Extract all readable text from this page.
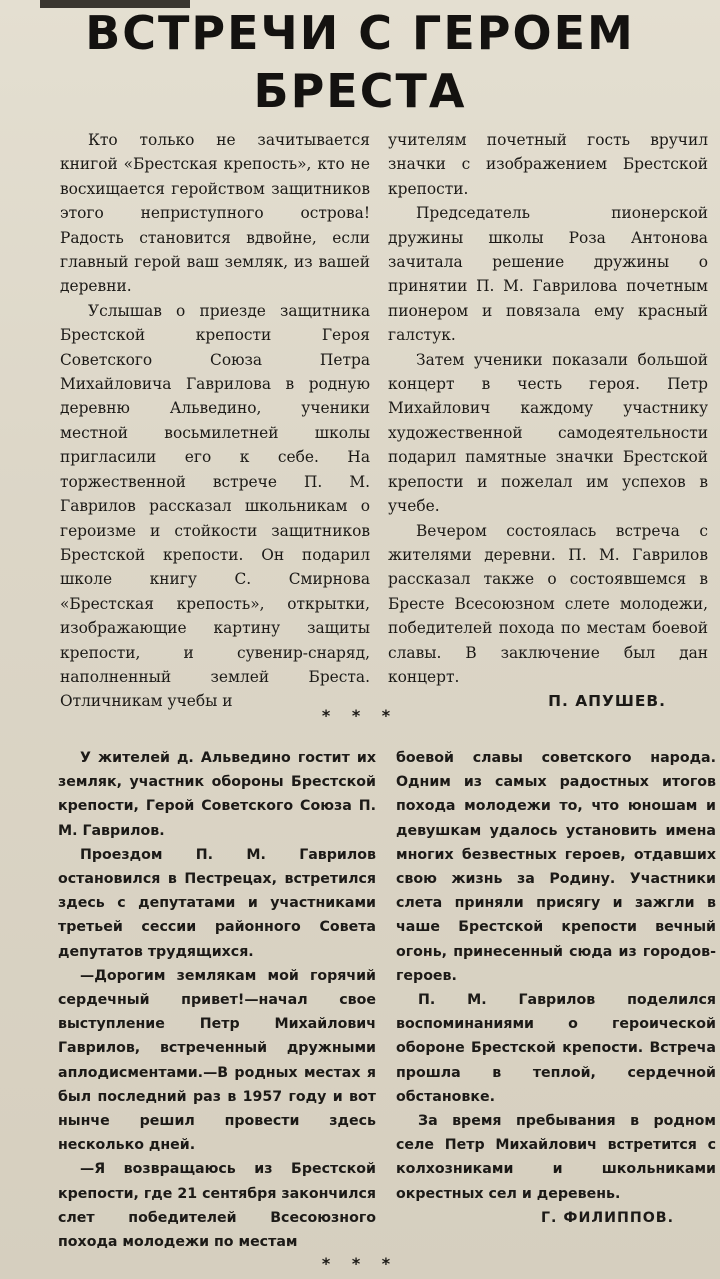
ВСТРЕЧИ С ГЕРОЕМ
БРЕСТА

Кто только не зачитывается книгой «Брестская крепость», кто не восхищается геройством защитников этого неприступного острова! Радость становится вдвойне, если главный герой ваш земляк, из вашей деревни.

Услышав о приезде защитника Брестской крепости Героя Советского Союза Петра Михайловича Гаврилова в родную деревню Альведино, ученики местной восьмилетней школы пригласили его к себе. На торжественной встрече П. М. Гаврилов рассказал школьникам о героизме и стойкости защитников Брестской крепости. Он подарил школе книгу С. Смирнова «Брестская крепость», открытки, изображающие картину защиты крепости, и сувенир-снаряд, наполненный землей Бреста. Отличникам учебы и

учителям почетный гость вручил значки с изображением Брестской крепости.

Председатель пионерской дружины школы Роза Антонова зачитала решение дружины о принятии П. М. Гаврилова почетным пионером и повязала ему красный галстук.

Затем ученики показали большой концерт в честь героя. Петр Михайлович каждому участнику художественной самодеятельности подарил памятные значки Брестской крепости и пожелал им успехов в учебе.

Вечером состоялась встреча с жителями деревни. П. М. Гаврилов рассказал также о состоявшемся в Бресте Всесоюзном слете молодежи, победителей похода по местам боевой славы. В заключение был дан концерт.

П. АПУШЕВ.

* * *

У жителей д. Альведино гостит их земляк, участник обороны Брестской крепости, Герой Советского Союза П. М. Гаврилов.

Проездом П. М. Гаврилов остановился в Пестрецах, встретился здесь с депутатами и участниками третьей сессии районного Совета депутатов трудящихся.

—Дорогим землякам мой горячий сердечный привет!—начал свое выступление Петр Михайлович Гаврилов, встреченный дружными аплодисментами.—В родных местах я был последний раз в 1957 году и вот нынче решил провести здесь несколько дней.

—Я возвращаюсь из Брестской крепости, где 21 сентября закончился слет победителей Всесоюзного похода молодежи по местам

боевой славы советского народа. Одним из самых радостных итогов похода молодежи то, что юношам и девушкам удалось установить имена многих безвестных героев, отдавших свою жизнь за Родину. Участники слета приняли присягу и зажгли в чаше Брестской крепости вечный огонь, принесенный сюда из городов-героев.

П. М. Гаврилов поделился воспоминаниями о героической обороне Брестской крепости. Встреча прошла в теплой, сердечной обстановке.

За время пребывания в родном селе Петр Михайлович встретится с колхозниками и школьниками окрестных сел и деревень.

Г. ФИЛИППОВ.

* * *
